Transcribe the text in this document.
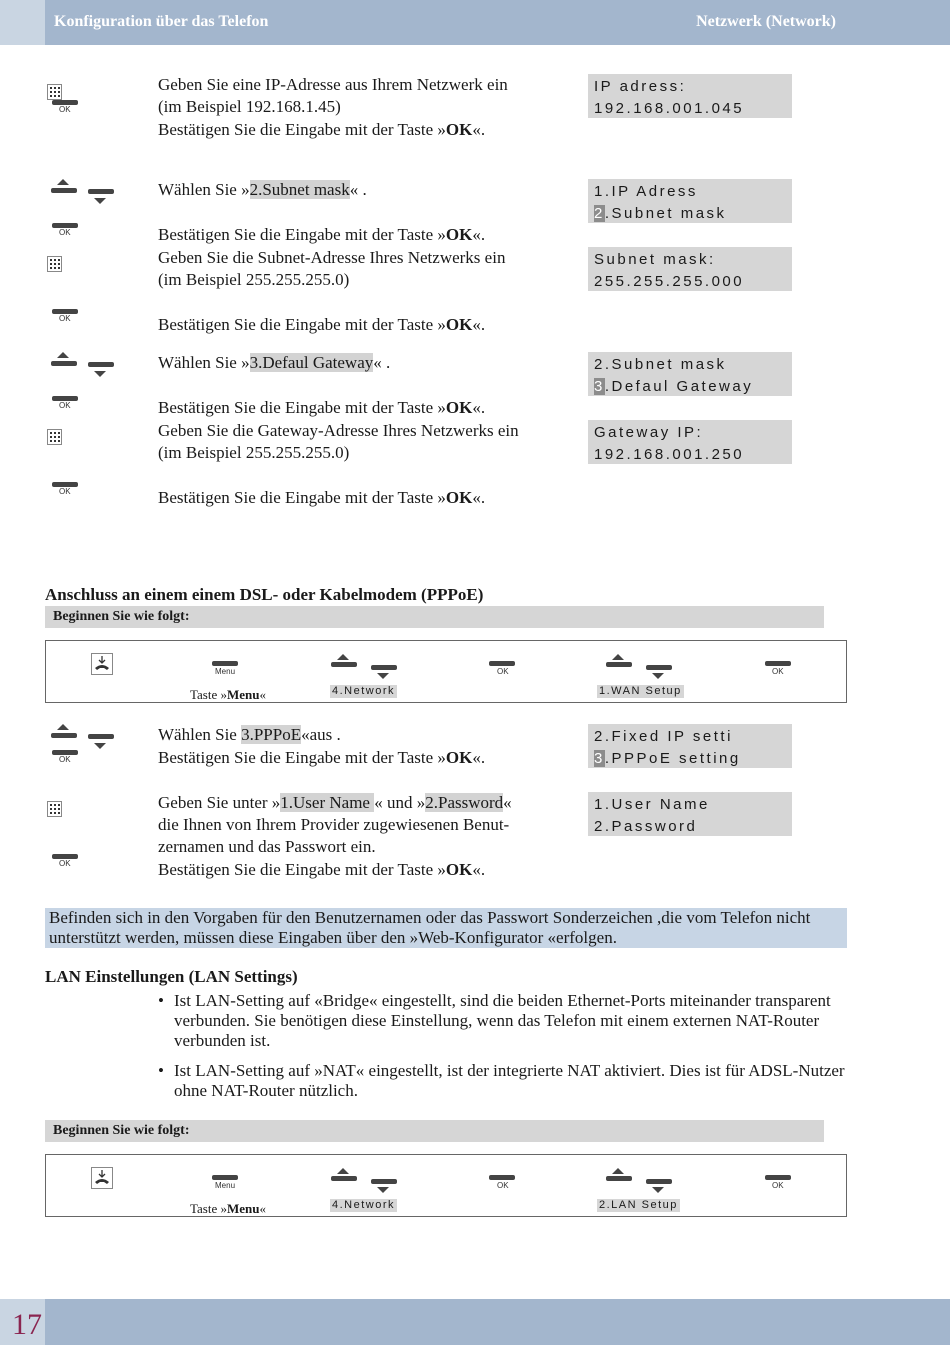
Konfiguration über das Telefon	Netzwerk (Network)
OK
Geben Sie eine IP-Adresse aus Ihrem Netzwerk ein
(im Beispiel 192.168.1.45)
Bestätigen Sie die Eingabe mit der Taste »OK«.
IP adress:
192.168.001.045
OK
OK
Wählen Sie »2.Subnet mask« .
Bestätigen Sie die Eingabe mit der Taste »OK«.
Geben Sie die Subnet-Adresse Ihres Netzwerks ein
(im Beispiel 255.255.255.0)
Bestätigen Sie die Eingabe mit der Taste »OK«.
1.IP Adress
2.Subnet mask
Subnet mask:
255.255.255.000
OK
OK
Wählen Sie »3.Defaul Gateway« .
Bestätigen Sie die Eingabe mit der Taste »OK«.
Geben Sie die Gateway-Adresse Ihres Netzwerks ein
(im Beispiel 255.255.255.0)
Bestätigen Sie die Eingabe mit der Taste »OK«.
2.Subnet mask
3.Defaul Gateway
Gateway IP:
192.168.001.250
Anschluss an einem einem DSL- oder Kabelmodem (PPPoE)
Beginnen Sie wie folgt:
Menu
Taste »Menu«	4.Network
OK
1.WAN Setup
OK
OK
Wählen Sie 3.PPPoE«aus .
Bestätigen Sie die Eingabe mit der Taste »OK«.
2.Fixed IP setti
3.PPPoE setting
OK
Geben Sie unter »1.User Name « und »2.Password«
die Ihnen von Ihrem Provider zugewiesenen Benut-
zernamen und das Passwort ein.
Bestätigen Sie die Eingabe mit der Taste »OK«.
1.User Name
2.Password
Befinden sich in den Vorgaben für den Benutzernamen oder das Passwort Sonderzeichen ,die vom Telefon nicht
unterstützt werden, müssen diese Eingaben über den »Web-Konfigurator «erfolgen.
LAN Einstellungen (LAN Settings)
• Ist LAN-Setting auf «Bridge« eingestellt, sind die beiden Ethernet-Ports miteinander transparent
verbunden. Sie benötigen diese Einstellung, wenn das Telefon mit einem externen NAT-Router
verbunden ist.
• Ist LAN-Setting auf »NAT« eingestellt, ist der integrierte NAT aktiviert. Dies ist für ADSL-Nutzer
ohne NAT-Router nützlich.
Beginnen Sie wie folgt:
Menu
Taste »Menu«	4.Network
OK
2.LAN Setup
OK
17
